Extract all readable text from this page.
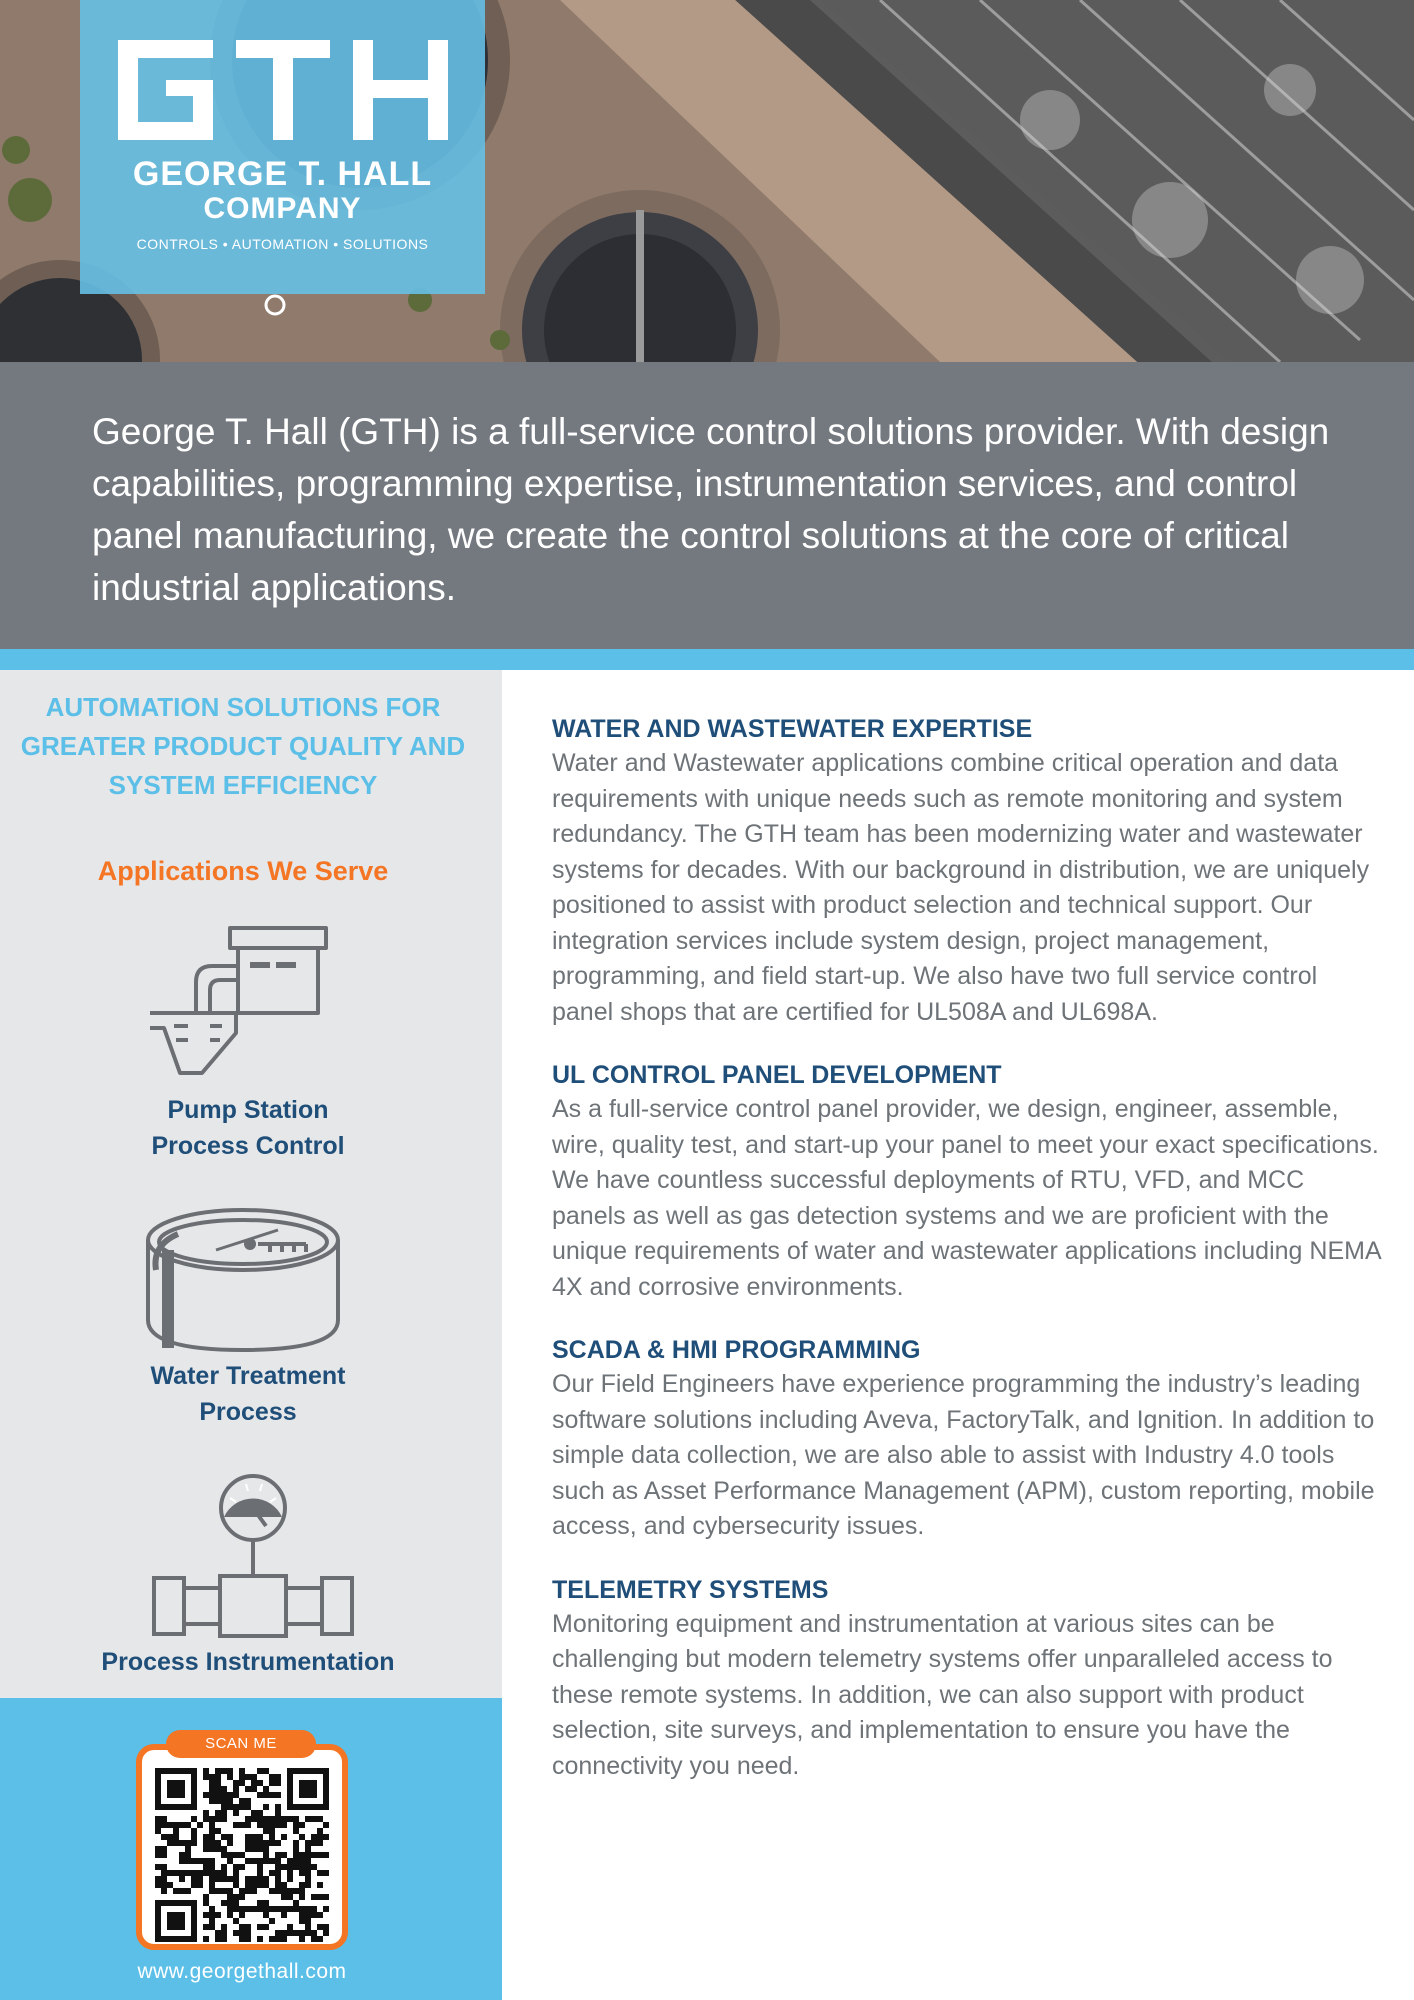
GEORGE T. HALL
COMPANY
CONTROLS • AUTOMATION • SOLUTIONS

George T. Hall (GTH) is a full-service control solutions provider. With design capabilities, programming expertise, instrumentation services, and control panel manufacturing, we create the control solutions at the core of critical industrial applications.

AUTOMATION SOLUTIONS FOR GREATER PRODUCT QUALITY AND SYSTEM EFFICIENCY
Applications We Serve
Pump Station
Process Control
Water Treatment
Process
Process Instrumentation
SCAN ME
www.georgethall.com
WATER AND WASTEWATER EXPERTISE

Water and Wastewater applications combine critical operation and data requirements with unique needs such as remote monitoring and system redundancy. The GTH team has been modernizing water and wastewater systems for decades. With our background in distribution, we are uniquely positioned to assist with product selection and technical support. Our integration services include system design, project management, programming, and field start-up. We also have two full service control panel shops that are certified for UL508A and UL698A.

UL CONTROL PANEL DEVELOPMENT

As a full-service control panel provider, we design, engineer, assemble, wire, quality test, and start-up your panel to meet your exact specifications. We have countless successful deployments of RTU, VFD, and MCC panels as well as gas detection systems and we are proficient with the unique requirements of water and wastewater applications including NEMA 4X and corrosive environments.

SCADA & HMI PROGRAMMING

Our Field Engineers have experience programming the industry’s leading software solutions including Aveva, FactoryTalk, and Ignition. In addition to simple data collection, we are also able to assist with Industry 4.0 tools such as Asset Performance Management (APM), custom reporting, mobile access, and cybersecurity issues.

TELEMETRY SYSTEMS

Monitoring equipment and instrumentation at various sites can be challenging but modern telemetry systems offer unparalleled access to these remote systems. In addition, we can also support with product selection, site surveys, and implementation to ensure you have the connectivity you need.
